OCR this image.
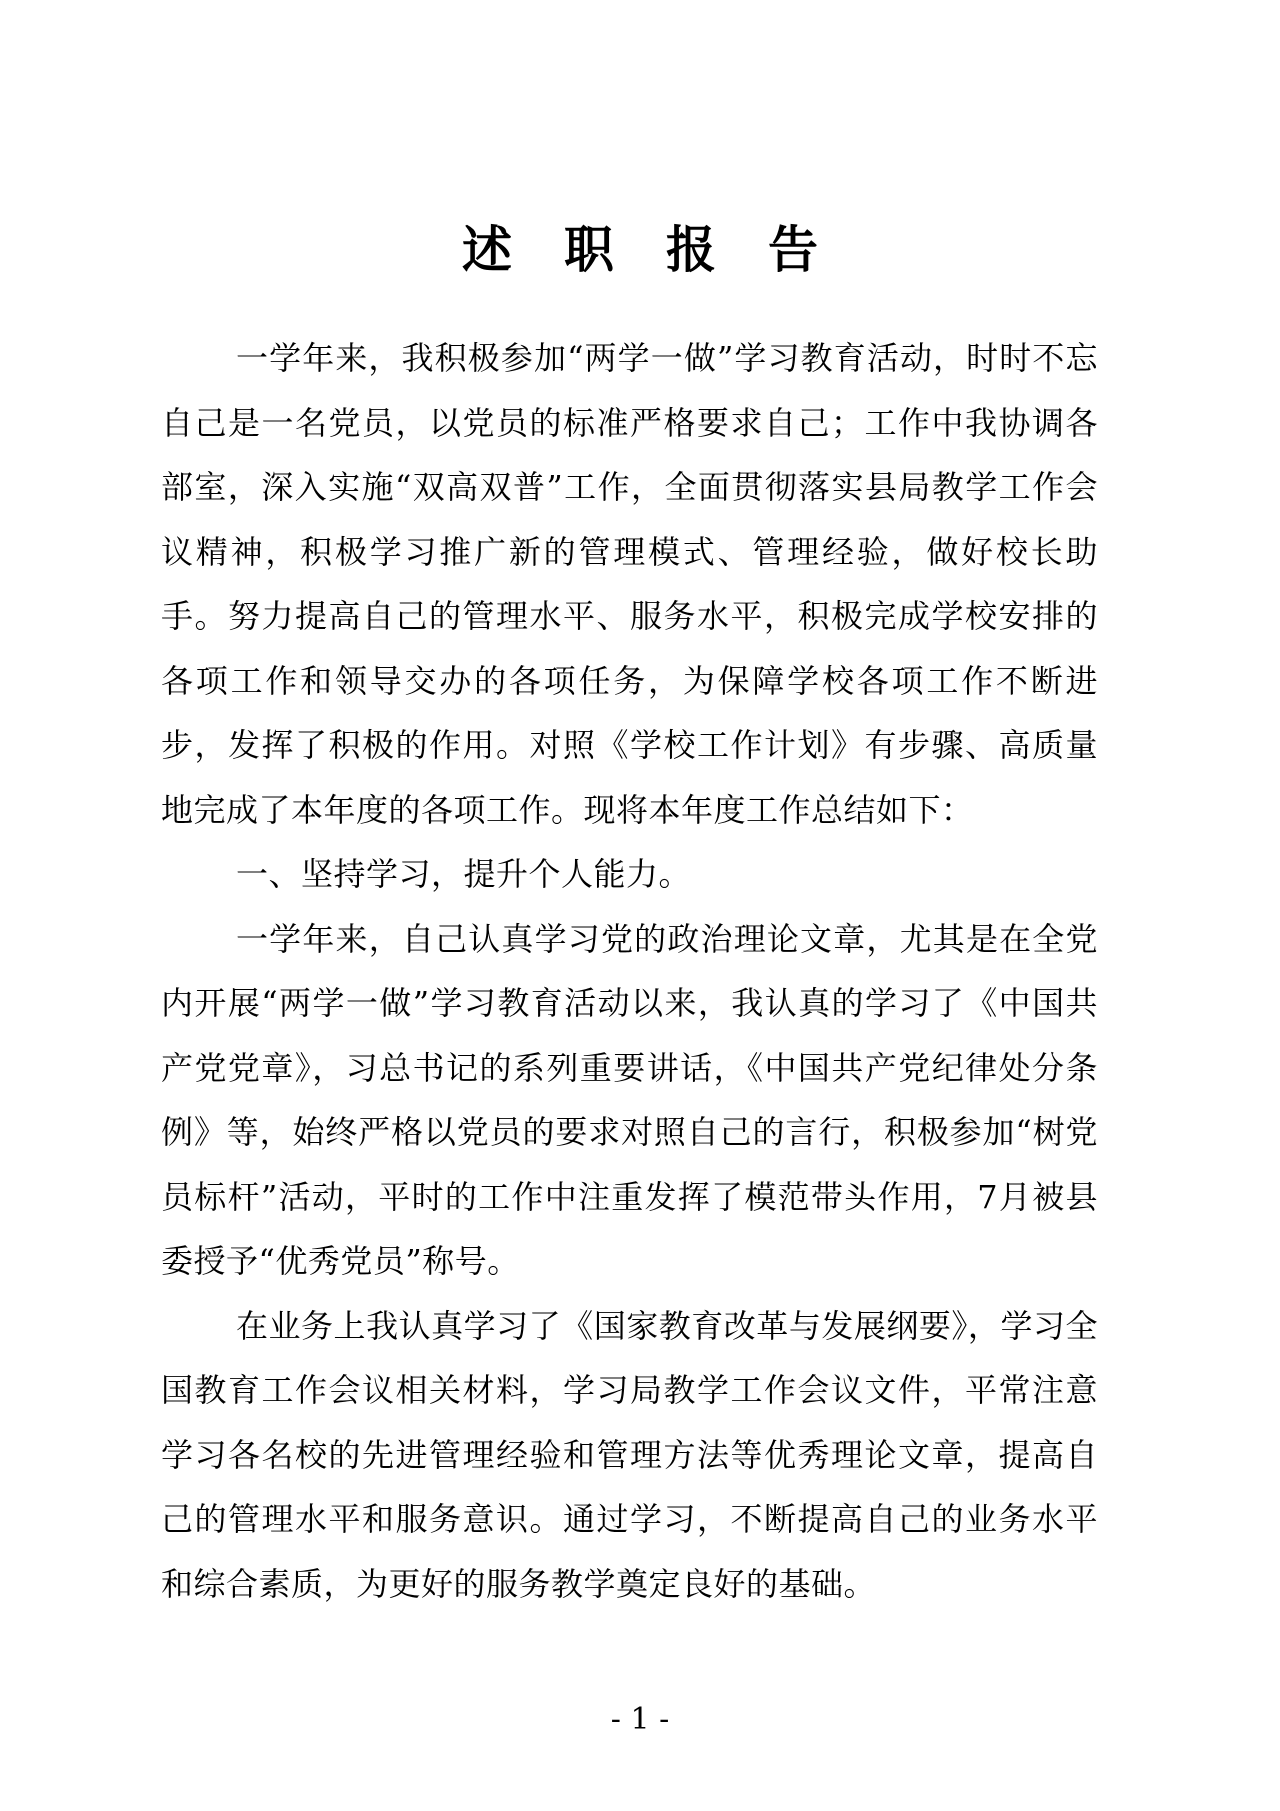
述职报告

一学年来，我积极参加“两学一做”学习教育活动，时时不忘自己是一名党员，以党员的标准严格要求自己；工作中我协调各部室，深入实施“双高双普”工作，全面贯彻落实县局教学工作会议精神，积极学习推广新的管理模式、管理经验，做好校长助手。努力提高自己的管理水平、服务水平，积极完成学校安排的各项工作和领导交办的各项任务，为保障学校各项工作不断进步，发挥了积极的作用。对照《学校工作计划》有步骤、高质量地完成了本年度的各项工作。现将本年度工作总结如下：

一、坚持学习，提升个人能力。

一学年来，自己认真学习党的政治理论文章，尤其是在全党内开展“两学一做”学习教育活动以来，我认真的学习了《中国共产党党章》，习总书记的系列重要讲话，《中国共产党纪律处分条例》等，始终严格以党员的要求对照自己的言行，积极参加“树党员标杆”活动，平时的工作中注重发挥了模范带头作用，7月被县委授予“优秀党员”称号。

在业务上我认真学习了《国家教育改革与发展纲要》，学习全国教育工作会议相关材料，学习局教学工作会议文件，平常注意学习各名校的先进管理经验和管理方法等优秀理论文章，提高自己的管理水平和服务意识。通过学习，不断提高自己的业务水平和综合素质，为更好的服务教学奠定良好的基础。

- 1 -
